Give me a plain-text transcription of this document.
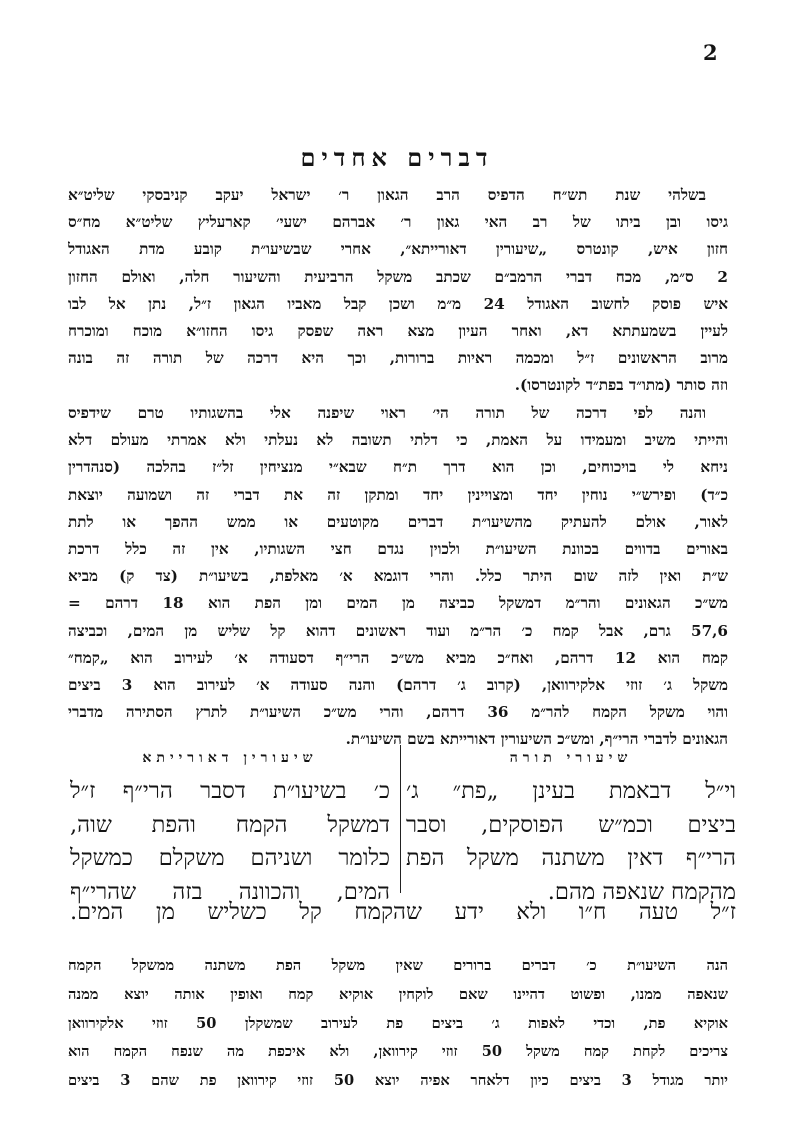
2
דברים אחדים
בשלהי שנת תש״ח הדפיס הרב הגאון ר׳ ישראל יעקב קניבסקי שליט״א
גיסו ובן ביתו של רב האי גאון ר׳ אברהם ישעי׳ קארעליץ שליט״א מח״ס
חזון איש, קונטרס „שיעורין דאורייתא״, אחרי שבשיעו״ת קובע מדת האגודל
2 ס״מ, מכח דברי הרמב״ם שכתב משקל הרביעית והשיעור חלה, ואולם החזון
איש פוסק לחשוב האגודל 24 מ״מ ושכן קבל מאביו הגאון ז״ל, נתן אל לבו
לעיין בשמעתתא דא, ואחר העיון מצא ראה שפסק גיסו החזו״א מוכח ומוכרח
מרוב הראשונים ז״ל ומכמה ראיות ברורות, וכך היא דרכה של תורה זה בונה
וזה סותר (מתו״ד בפת״ד לקונטרסו).
והנה לפי דרכה של תורה הי׳ ראוי שיפנה אלי בהשגותיו טרם שידפיס
והייתי משיב ומעמידו על האמת, כי דלתי תשובה לא נעלתי ולא אמרתי מעולם דלא
ניחא לי בויכוחים, וכן הוא דרך ת״ח שבא״י מנציחין זל״ז בהלכה (סנהדרין
כ״ד) ופירש״י נוחין יחד ומצויינין יחד ומתקן זה את דברי זה ושמועה יוצאת
לאור, אולם להעתיק מהשיעו״ת דברים מקוטעים או ממש ההפך או לתת
באורים בדווים בכוונת השיעו״ת ולכוין נגדם חצי השגותיו, אין זה כלל דרכת
ש״ת ואין לזה שום היתר כלל. והרי דוגמא א׳ מאלפת, בשיעו״ת (צד ק) מביא
מש״כ הגאונים והר״מ דמשקל כביצה מן המים ומן הפת הוא 18 דרהם =
57,6 גרם, אבל קמח כ׳ הר״מ ועוד ראשונים דהוא קל שליש מן המים, וכביצה
קמח הוא 12 דרהם, ואח״כ מביא מש״כ הרי״ף דסעודה א׳ לעירוב הוא „קמח״
משקל ג׳ זוזי אלקירוואן, (קרוב ג׳ דרהם) והנה סעודה א׳ לעירוב הוא 3 ביצים
והוי משקל הקמח להר״מ 36 דרהם, והרי מש״כ השיעו״ת לתרץ הסתירה מדברי
הגאונים לדברי הרי״ף, ומש״כ השיעורין דאורייתא בשם השיעו״ת.
שיעורי תורה
וי״ל דבאמת בעינן „פת״ ג׳
ביצים וכמ״ש הפוסקים, וסבר
הרי״ף דאין משתנה משקל הפת
מהקמח שנאפה מהם.
שיעורין דאורייתא
כ׳ בשיעו״ת דסבר הרי״ף ז״ל
דמשקל הקמח והפת שוה,
כלומר ושניהם משקלם כמשקל
המים, והכוונה בזה שהרי״ף
ז״ל טעה ח״ו ולא ידע שהקמח קל כשליש מן המים.
הנה השיעו״ת כ׳ דברים ברורים שאין משקל הפת משתנה ממשקל הקמח
שנאפה ממנו, ופשוט דהיינו שאם לוקחין אוקיא קמח ואופין אותה יוצא ממנה
אוקיא פת, וכדי לאפות ג׳ ביצים פת לעירוב שמשקלן 50 זוזי אלקירוואן
צריכים לקחת קמח משקל 50 זוזי קירוואן, ולא איכפת מה שנפח הקמח הוא
יותר מגודל 3 ביצים כיון דלאחר אפיה יוצא 50 זוזי קירוואן פת שהם 3 ביצים
